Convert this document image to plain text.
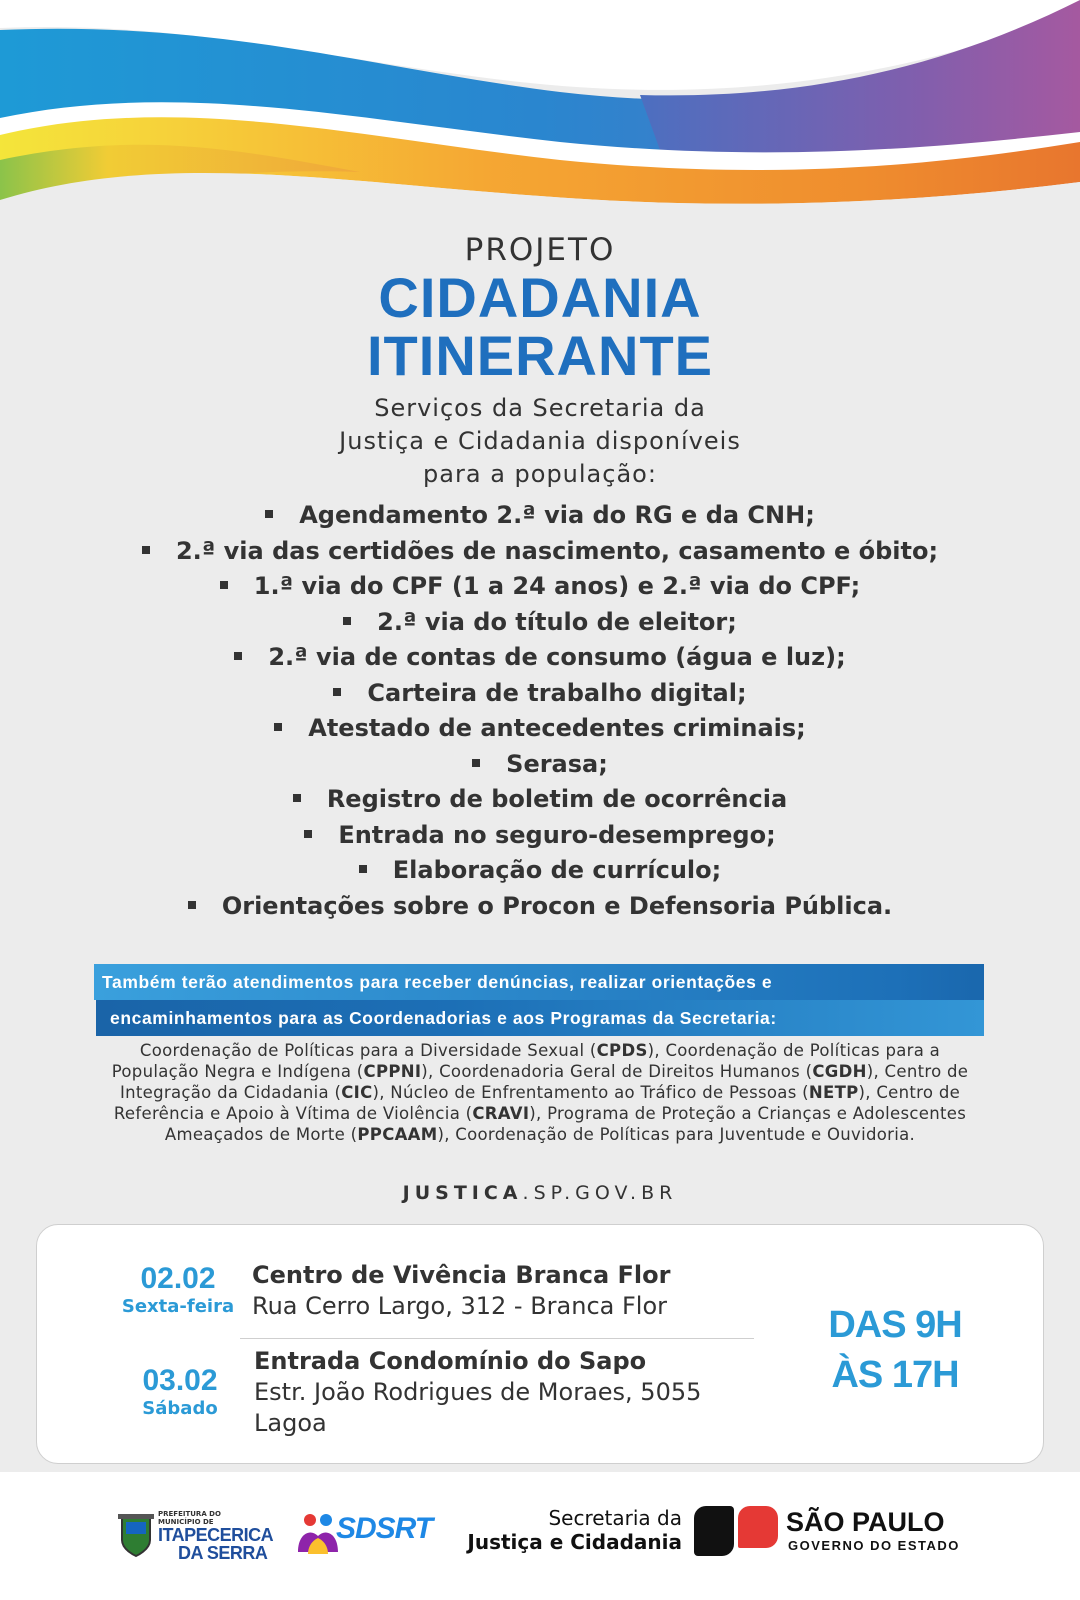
PROJETO
CIDADANIA
ITINERANTE
Serviços da Secretaria da
Justiça e Cidadania disponíveis
para a população:
Agendamento 2.ª via do RG e da CNH;
2.ª via das certidões de nascimento, casamento e óbito;
1.ª via do CPF (1 a 24 anos) e 2.ª via do CPF;
2.ª via do título de eleitor;
2.ª via de contas de consumo (água e luz);
Carteira de trabalho digital;
Atestado de antecedentes criminais;
Serasa;
Registro de boletim de ocorrência
Entrada no seguro-desemprego;
Elaboração de currículo;
Orientações sobre o Procon e Defensoria Pública.
Também terão atendimentos para receber denúncias, realizar orientações e
encaminhamentos para as Coordenadorias e aos Programas da Secretaria:
Coordenação de Políticas para a Diversidade Sexual (CPDS), Coordenação de Políticas para a População Negra e Indígena (CPPNI), Coordenadoria Geral de Direitos Humanos (CGDH), Centro de Integração da Cidadania (CIC), Núcleo de Enfrentamento ao Tráfico de Pessoas (NETP), Centro de Referência e Apoio à Vítima de Violência (CRAVI), Programa de Proteção a Crianças e Adolescentes Ameaçados de Morte (PPCAAM), Coordenação de Políticas para Juventude e Ouvidoria.
JUSTICA.SP.GOV.BR
02.02
Sexta-feira
Centro de Vivência Branca Flor
Rua Cerro Largo, 312 - Branca Flor
03.02
Sábado
Entrada Condomínio do Sapo
Estr. João Rodrigues de Moraes, 5055
Lagoa
DAS 9H
ÀS 17H
PREFEITURA DO
MUNICÍPIO DE
ITAPECERICA
DA SERRA
SDSRT	Secretaria da
Justiça e Cidadania
SÃO PAULO
GOVERNO DO ESTADO
